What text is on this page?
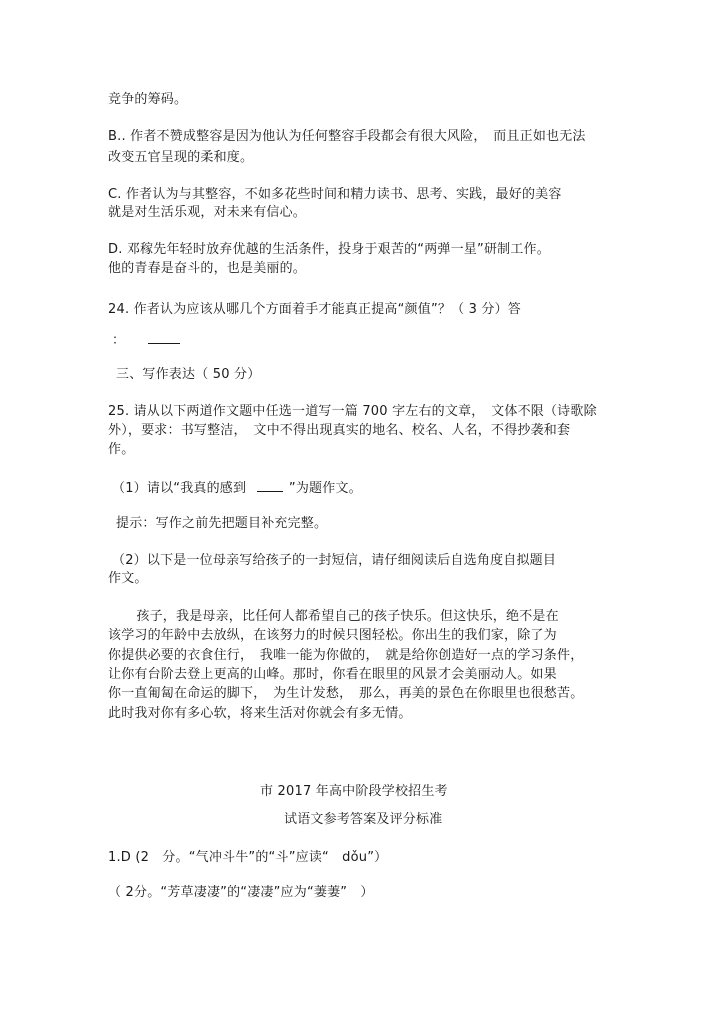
竞争的筹码。
B.. 作者不赞成整容是因为他认为任何整容手段都会有很大风险，　而且正如也无法
改变五官呈现的柔和度。
C. 作者认为与其整容，不如多花些时间和精力读书、思考、实践，最好的美容
就是对生活乐观，对未来有信心。
D. 邓稼先年轻时放弃优越的生活条件，投身于艰苦的“两弹一星”研制工作。
他的青春是奋斗的，也是美丽的。
24. 作者认为应该从哪几个方面着手才能真正提高“颜值”？（ 3 分）答
：
三、写作表达（ 50 分）
25. 请从以下两道作文题中任选一道写一篇 700 字左右的文章，　文体不限（诗歌除
外），要求：书写整洁，　文中不得出现真实的地名、校名、人名，不得抄袭和套
作。
（1）请以“我真的感到	”为题作文。
提示：写作之前先把题目补充完整。
（2）以下是一位母亲写给孩子的一封短信，请仔细阅读后自选角度自拟题目
作文。
　　孩子，我是母亲，比任何人都希望自己的孩子快乐。但这快乐，绝不是在
该学习的年龄中去放纵，在该努力的时候只图轻松。你出生的我们家，除了为
你提供必要的衣食住行，　我唯一能为你做的，　就是给你创造好一点的学习条件，
让你有台阶去登上更高的山峰。那时，你看在眼里的风景才会美丽动人。如果
你一直匍匐在命运的脚下，　为生计发愁，　那么，再美的景色在你眼里也很愁苦。
此时我对你有多心软，将来生活对你就会有多无情。
市 2017 年高中阶段学校招生考
试语文参考答案及评分标准
1.D (2　分。“气冲斗牛”的“斗”应读“　dǒu”）
（ 2分。“芳草凄凄”的“凄凄”应为“萋萋”　）
